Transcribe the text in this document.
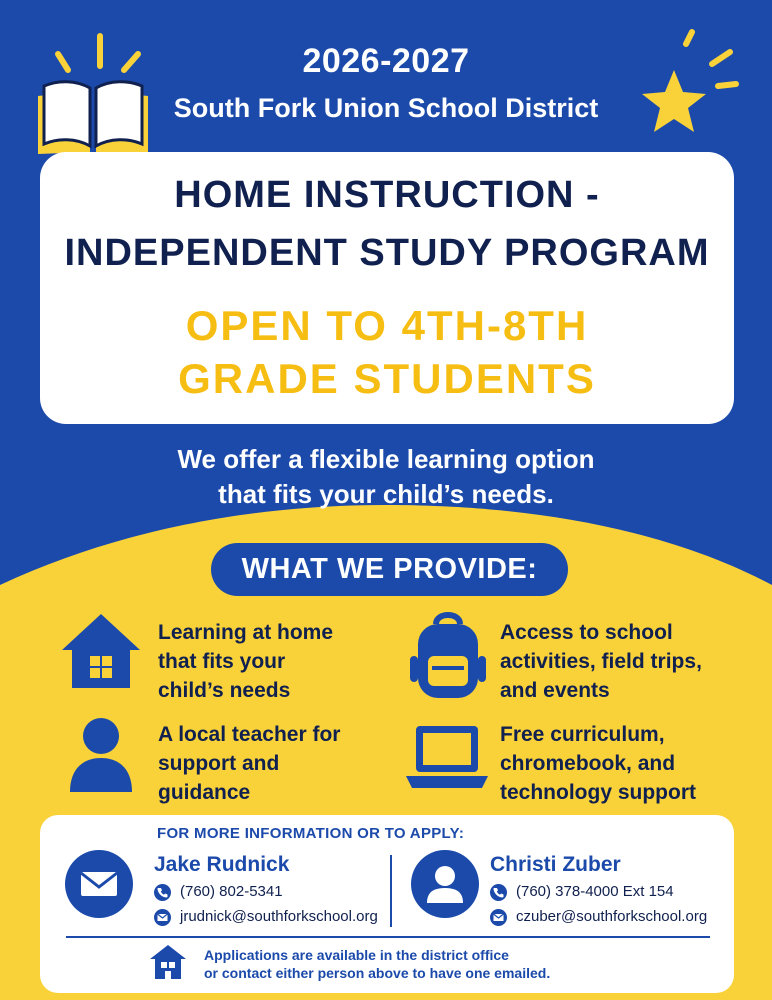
2026-2027
South Fork Union School District
HOME INSTRUCTION -
INDEPENDENT STUDY PROGRAM
OPEN TO 4TH-8TH
GRADE STUDENTS
We offer a flexible learning option
that fits your child’s needs.
WHAT WE PROVIDE:
Learning at home
that fits your
child’s needs
Access to school
activities, field trips,
and events
A local teacher for
support and
guidance
Free curriculum,
chromebook, and
technology support
FOR MORE INFORMATION OR TO APPLY:
Jake Rudnick
(760) 802-5341
jrudnick@southforkschool.org
Christi Zuber
(760) 378-4000 Ext 154
czuber@southforkschool.org
Applications are available in the district office
or contact either person above to have one emailed.
